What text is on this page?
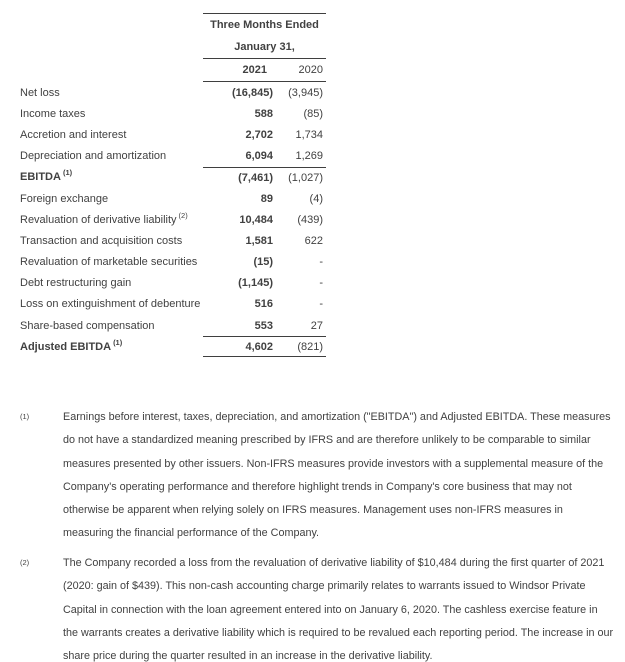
Three Months Ended
January 31,
2021	2020
Net loss	(16,845)	(3,945)
Income taxes	588	(85)
Accretion and interest	2,702	1,734
Depreciation and amortization	6,094	1,269
EBITDA $^{(1)}$	(7,461)	(1,027)
Foreign exchange	89	(4)
Revaluation of derivative liability $^{(2)}$	10,484	(439)
Transaction and acquisition costs	1,581	622
Revaluation of marketable securities	(15)	-
Debt restructuring gain	(1,145)	-
Loss on extinguishment of debenture	516	-
Share-based compensation	553	27
Adjusted EBITDA $^{(1)}$	4,602	(821)
(1)	Earnings before interest, taxes, depreciation, and amortization ("EBITDA") and Adjusted EBITDA. These measures do not have a standardized meaning prescribed by IFRS and are therefore unlikely to be comparable to similar measures presented by other issuers. Non-IFRS measures provide investors with a supplemental measure of the Company's operating performance and therefore highlight trends in Company's core business that may not otherwise be apparent when relying solely on IFRS measures. Management uses non-IFRS measures in measuring the financial performance of the Company.
(2)	The Company recorded a loss from the revaluation of derivative liability of $10,484 during the first quarter of 2021 (2020: gain of $439). This non-cash accounting charge primarily relates to warrants issued to Windsor Private Capital in connection with the loan agreement entered into on January 6, 2020. The cashless exercise feature in the warrants creates a derivative liability which is required to be revalued each reporting period. The increase in our share price during the quarter resulted in an increase in the derivative liability.
